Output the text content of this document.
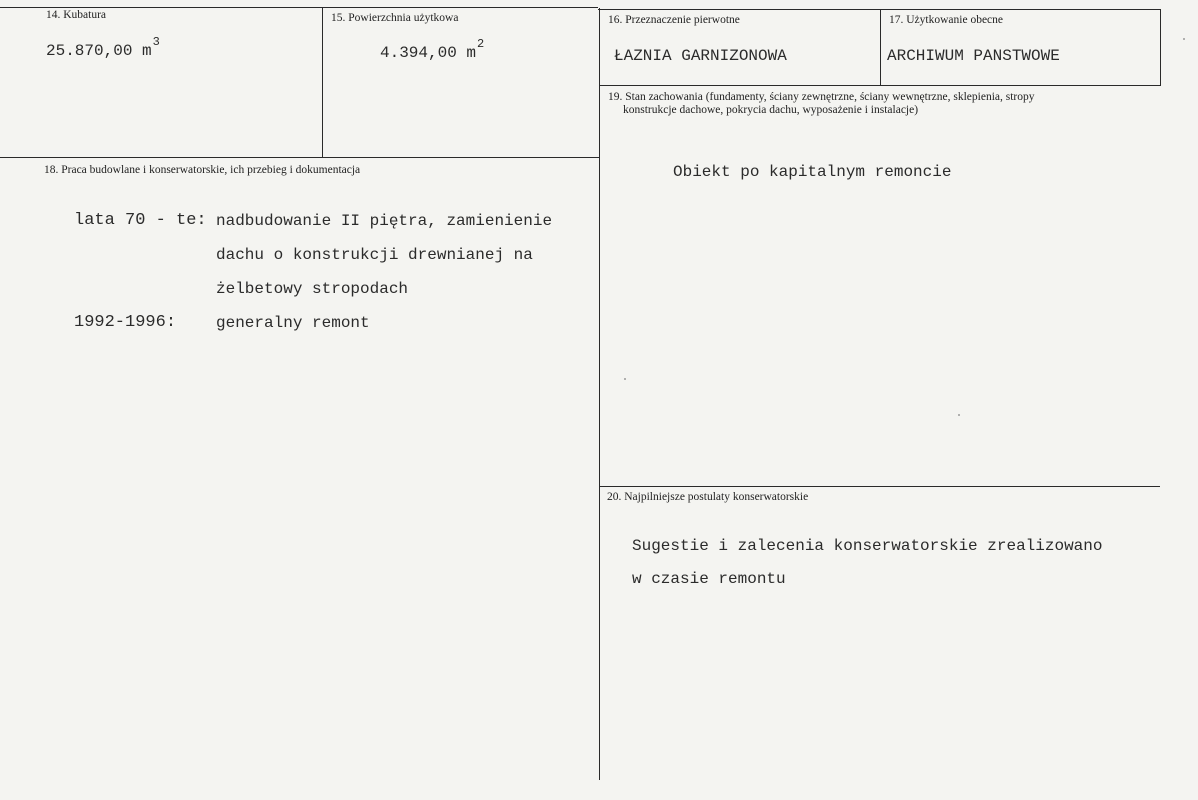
14. Kubatura
25.870,00 $m^3$
15. Powierzchnia użytkowa
4.394,00 $m^2$
16. Przeznaczenie pierwotne
ŁAZNIA GARNIZONOWA
17. Użytkowanie obecne
ARCHIWUM PANSTWOWE
19. Stan zachowania (fundamenty, ściany zewnętrzne, ściany wewnętrzne, sklepienia, stropy
konstrukcje dachowe, pokrycia dachu, wyposażenie i instalacje)
Obiekt po kapitalnym remoncie
18. Praca budowlane i konserwatorskie, ich przebieg i dokumentacja
lata 70 - te: nadbudowanie II piętra, zamienienie
dachu o konstrukcji drewnianej na
żelbetowy stropodach
1992-1996: generalny remont
20. Najpilniejsze postulaty konserwatorskie
Sugestie i zalecenia konserwatorskie zrealizowano
w czasie remontu
